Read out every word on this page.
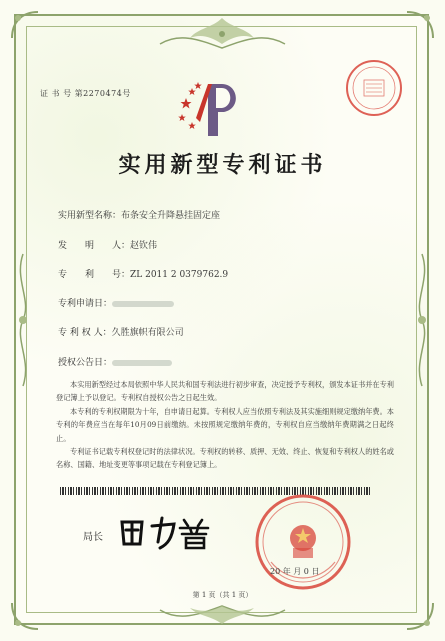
证 书 号 第2270474号
实用新型专利证书
实用新型名称：布条安全升降悬挂固定座
发　　明　　人：赵钦伟
专　　利　　号：ZL 2011 2 0379762.9
专利申请日：
专 利 权 人：久胜旗帜有限公司
授权公告日：
本实用新型经过本局依照中华人民共和国专利法进行初步审查，决定授予专利权，颁发本证书并在专利登记簿上予以登记。专利权自授权公告之日起生效。
本专利的专利权期限为十年，自申请日起算。专利权人应当依照专利法及其实施细则规定缴纳年费。本专利的年费应当在每年10月09日前缴纳。未按照规定缴纳年费的，专利权自应当缴纳年费期满之日起终止。
专利证书记载专利权登记时的法律状况。专利权的转移、质押、无效、终止、恢复和专利权人的姓名或名称、国籍、地址变更等事项记载在专利登记簿上。
局长
20 年 月 0 日
第 1 页（共 1 页）
